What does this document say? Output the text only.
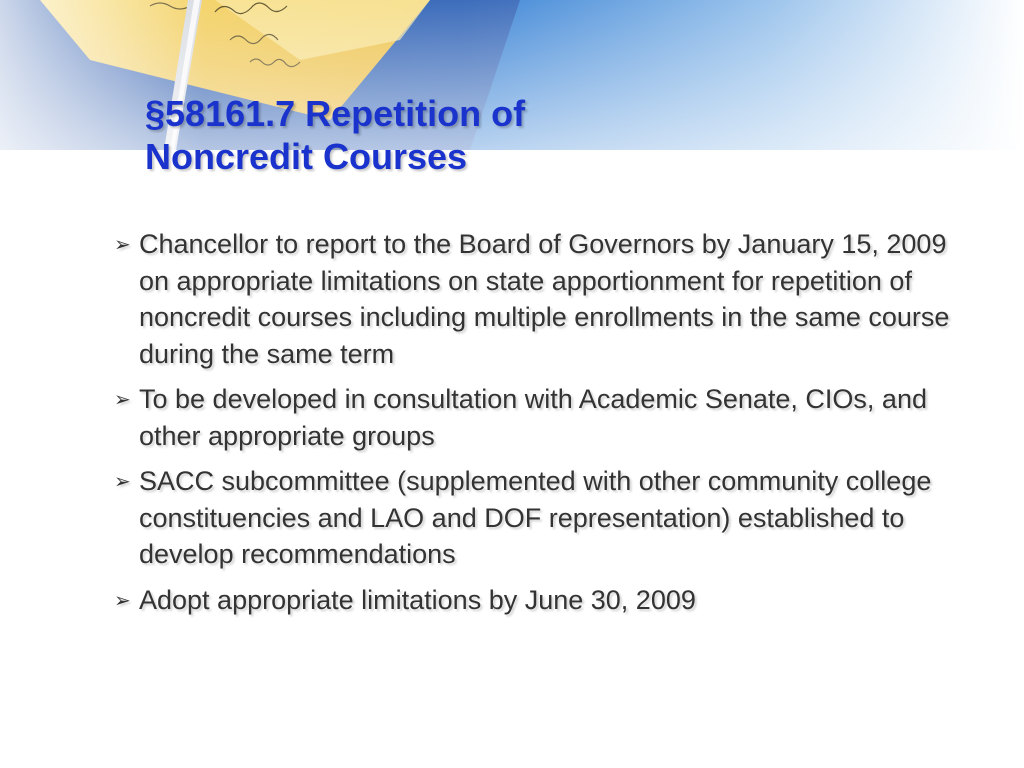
§58161.7 Repetition of
Noncredit Courses
➢ Chancellor to report to the Board of Governors by January 15, 2009 on appropriate limitations on state apportionment for repetition of noncredit courses including multiple enrollments in the same course during the same term
➢ To be developed in consultation with Academic Senate, CIOs, and other appropriate groups
➢ SACC subcommittee (supplemented with other community college constituencies and LAO and DOF representation) established to develop recommendations
➢ Adopt appropriate limitations by June 30, 2009
